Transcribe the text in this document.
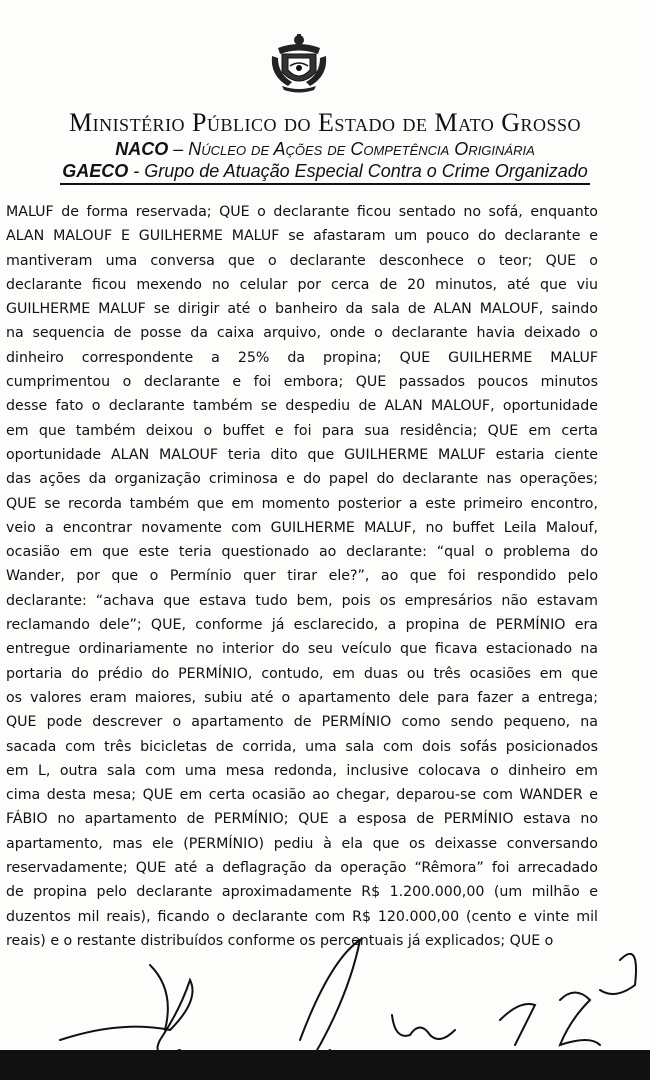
Ministério Público do Estado de Mato Grosso

NACO – Núcleo de Ações de Competência Originária

GAECO - Grupo de Atuação Especial Contra o Crime Organizado

MALUF de forma reservada; QUE o declarante ficou sentado no sofá, enquanto
ALAN MALOUF E GUILHERME MALUF se afastaram um pouco do declarante e
mantiveram uma conversa que o declarante desconhece o teor; QUE o
declarante ficou mexendo no celular por cerca de 20 minutos, até que viu
GUILHERME MALUF se dirigir até o banheiro da sala de ALAN MALOUF, saindo
na sequencia de posse da caixa arquivo, onde o declarante havia deixado o
dinheiro correspondente a 25% da propina; QUE GUILHERME MALUF
cumprimentou o declarante e foi embora; QUE passados poucos minutos
desse fato o declarante também se despediu de ALAN MALOUF, oportunidade
em que também deixou o buffet e foi para sua residência; QUE em certa
oportunidade ALAN MALOUF teria dito que GUILHERME MALUF estaria ciente
das ações da organização criminosa e do papel do declarante nas operações;
QUE se recorda também que em momento posterior a este primeiro encontro,
veio a encontrar novamente com GUILHERME MALUF, no buffet Leila Malouf,
ocasião em que este teria questionado ao declarante: “qual o problema do
Wander, por que o Permínio quer tirar ele?”, ao que foi respondido pelo
declarante: “achava que estava tudo bem, pois os empresários não estavam
reclamando dele”; QUE, conforme já esclarecido, a propina de PERMÍNIO era
entregue ordinariamente no interior do seu veículo que ficava estacionado na
portaria do prédio do PERMÍNIO, contudo, em duas ou três ocasiões em que
os valores eram maiores, subiu até o apartamento dele para fazer a entrega;
QUE pode descrever o apartamento de PERMÍNIO como sendo pequeno, na
sacada com três bicicletas de corrida, uma sala com dois sofás posicionados
em L, outra sala com uma mesa redonda, inclusive colocava o dinheiro em
cima desta mesa; QUE em certa ocasião ao chegar, deparou-se com WANDER e
FÁBIO no apartamento de PERMÍNIO; QUE a esposa de PERMÍNIO estava no
apartamento, mas ele (PERMÍNIO) pediu à ela que os deixasse conversando
reservadamente; QUE até a deflagração da operação “Rêmora” foi arrecadado
de propina pelo declarante aproximadamente R$ 1.200.000,00 (um milhão e
duzentos mil reais), ficando o declarante com R$ 120.000,00 (cento e vinte mil
reais) e o restante distribuídos conforme os percentuais já explicados; QUE o
